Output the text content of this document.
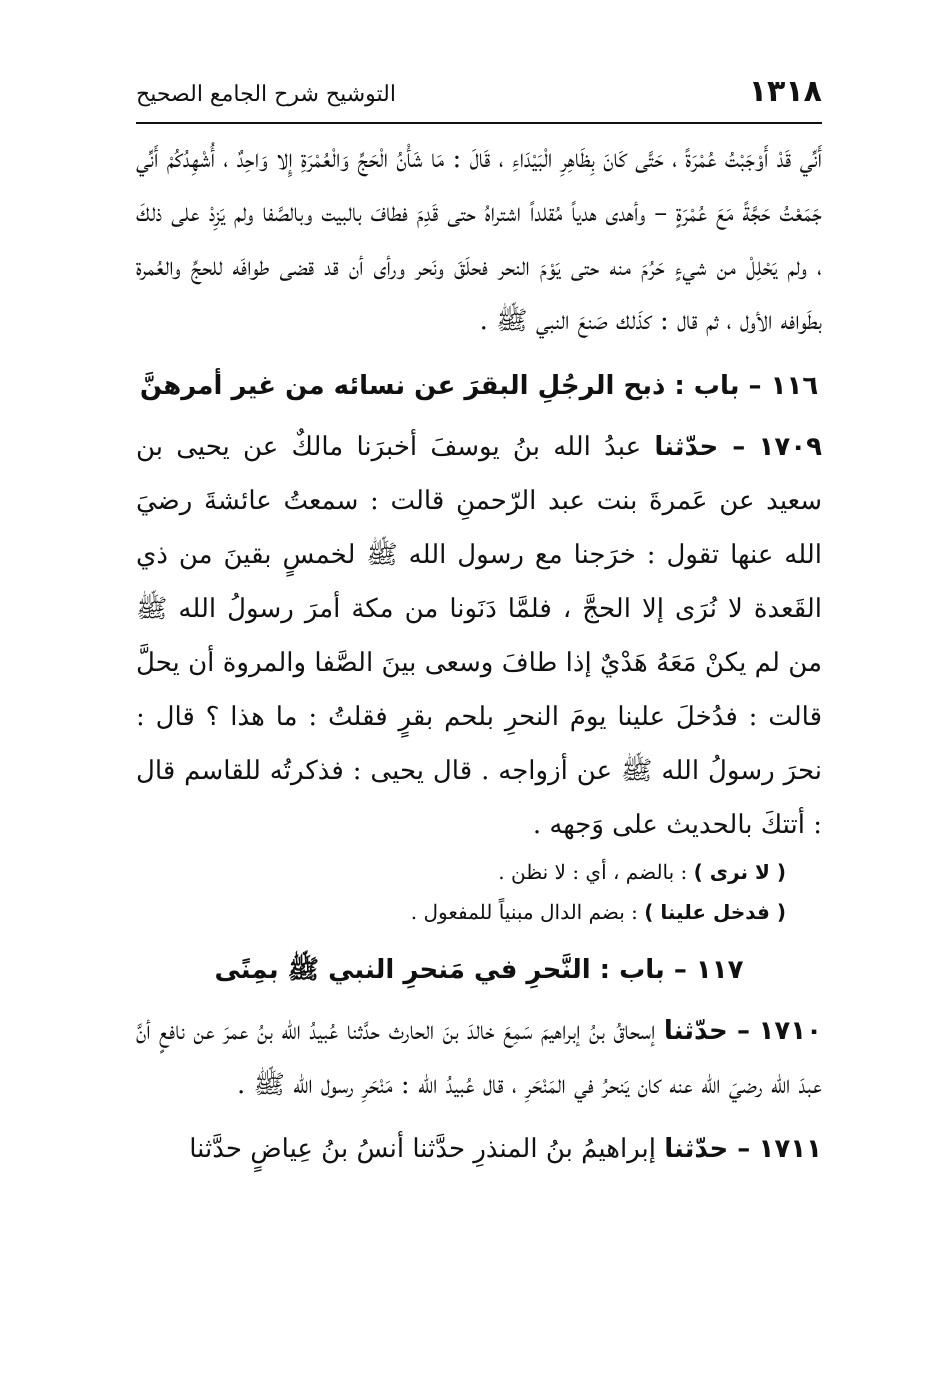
١٣١٨
التوشيح شرح الجامع الصحيح

أَنِّي قَدْ أَوْجَبْتُ عُمْرَةً ، حَتَّى كَانَ بِظَاهِرِ الْبَيْدَاءِ ، قَالَ : مَا شَأْنُ الْحَجِّ وَالْعُمْرَةِ إِلا وَاحِدٌ ، أُشْهِدُكُمْ أَنِّي جَمَعْتُ حَجَّةً مَعَ عُمْرَةٍ – وأهدى هدياً مُقلداً اشتراهُ حتى قَدِمَ فطافَ بالبيت وبالصَّفا ولم يَزِدْ على ذلكَ ، ولم يَحْلِلْ من شيءٍ حَرُمَ منه حتى يَوْمَ النحر فحلَقَ ونَحر ورأى أن قد قضى طوافَه للحجِّ والعُمرة بطَوافه الأول ، ثم قال : كذَلك صَنعَ النبي ﷺ .

١١٦ – باب : ذبح الرجُلِ البقرَ عن نسائه من غير أمرهنَّ

١٧٠٩ – حدّثنا عبدُ الله بنُ يوسفَ أخبرَنا مالكٌ عن يحيى بن سعيد عن عَمرةَ بنت عبد الرّحمنِ قالت : سمعتُ عائشةَ رضيَ الله عنها تقول : خرَجنا مع رسول الله ﷺ لخمسٍ بقينَ من ذي القَعدة لا نُرَى إلا الحجَّ ، فلمَّا دَنَونا من مكة أمرَ رسولُ الله ﷺ من لم يكنْ مَعَهُ هَدْيٌ إذا طافَ وسعى بينَ الصَّفا والمروة أن يحلَّ قالت : فدُخلَ علينا يومَ النحرِ بلحم بقرٍ فقلتُ : ما هذا ؟ قال : نحرَ رسولُ الله ﷺ عن أزواجه . قال يحيى : فذكرتُه للقاسم قال : أتتكَ بالحديث على وَجهه .

( لا نرى ) : بالضم ، أي : لا نظن .

( فدخل علينا ) : بضم الدال مبنياً للمفعول .

١١٧ – باب : النَّحرِ في مَنحرِ النبي ﷺ بمِنًى

١٧١٠ – حدّثنا إسحاقُ بنُ إبراهيمَ سَمِعَ خالدَ بنَ الحارث حدَّثنا عُبيدُ الله بنُ عمرَ عن نافعٍ أنَّ عبدَ الله رضيَ الله عنه كان يَنحرُ في المَنْحَرِ ، قال عُبيدُ الله : مَنْحَرِ رسول الله ﷺ .

١٧١١ – حدّثنا إبراهيمُ بنُ المنذرِ حدَّثنا أنسُ بنُ عِياضٍ حدَّثنا
